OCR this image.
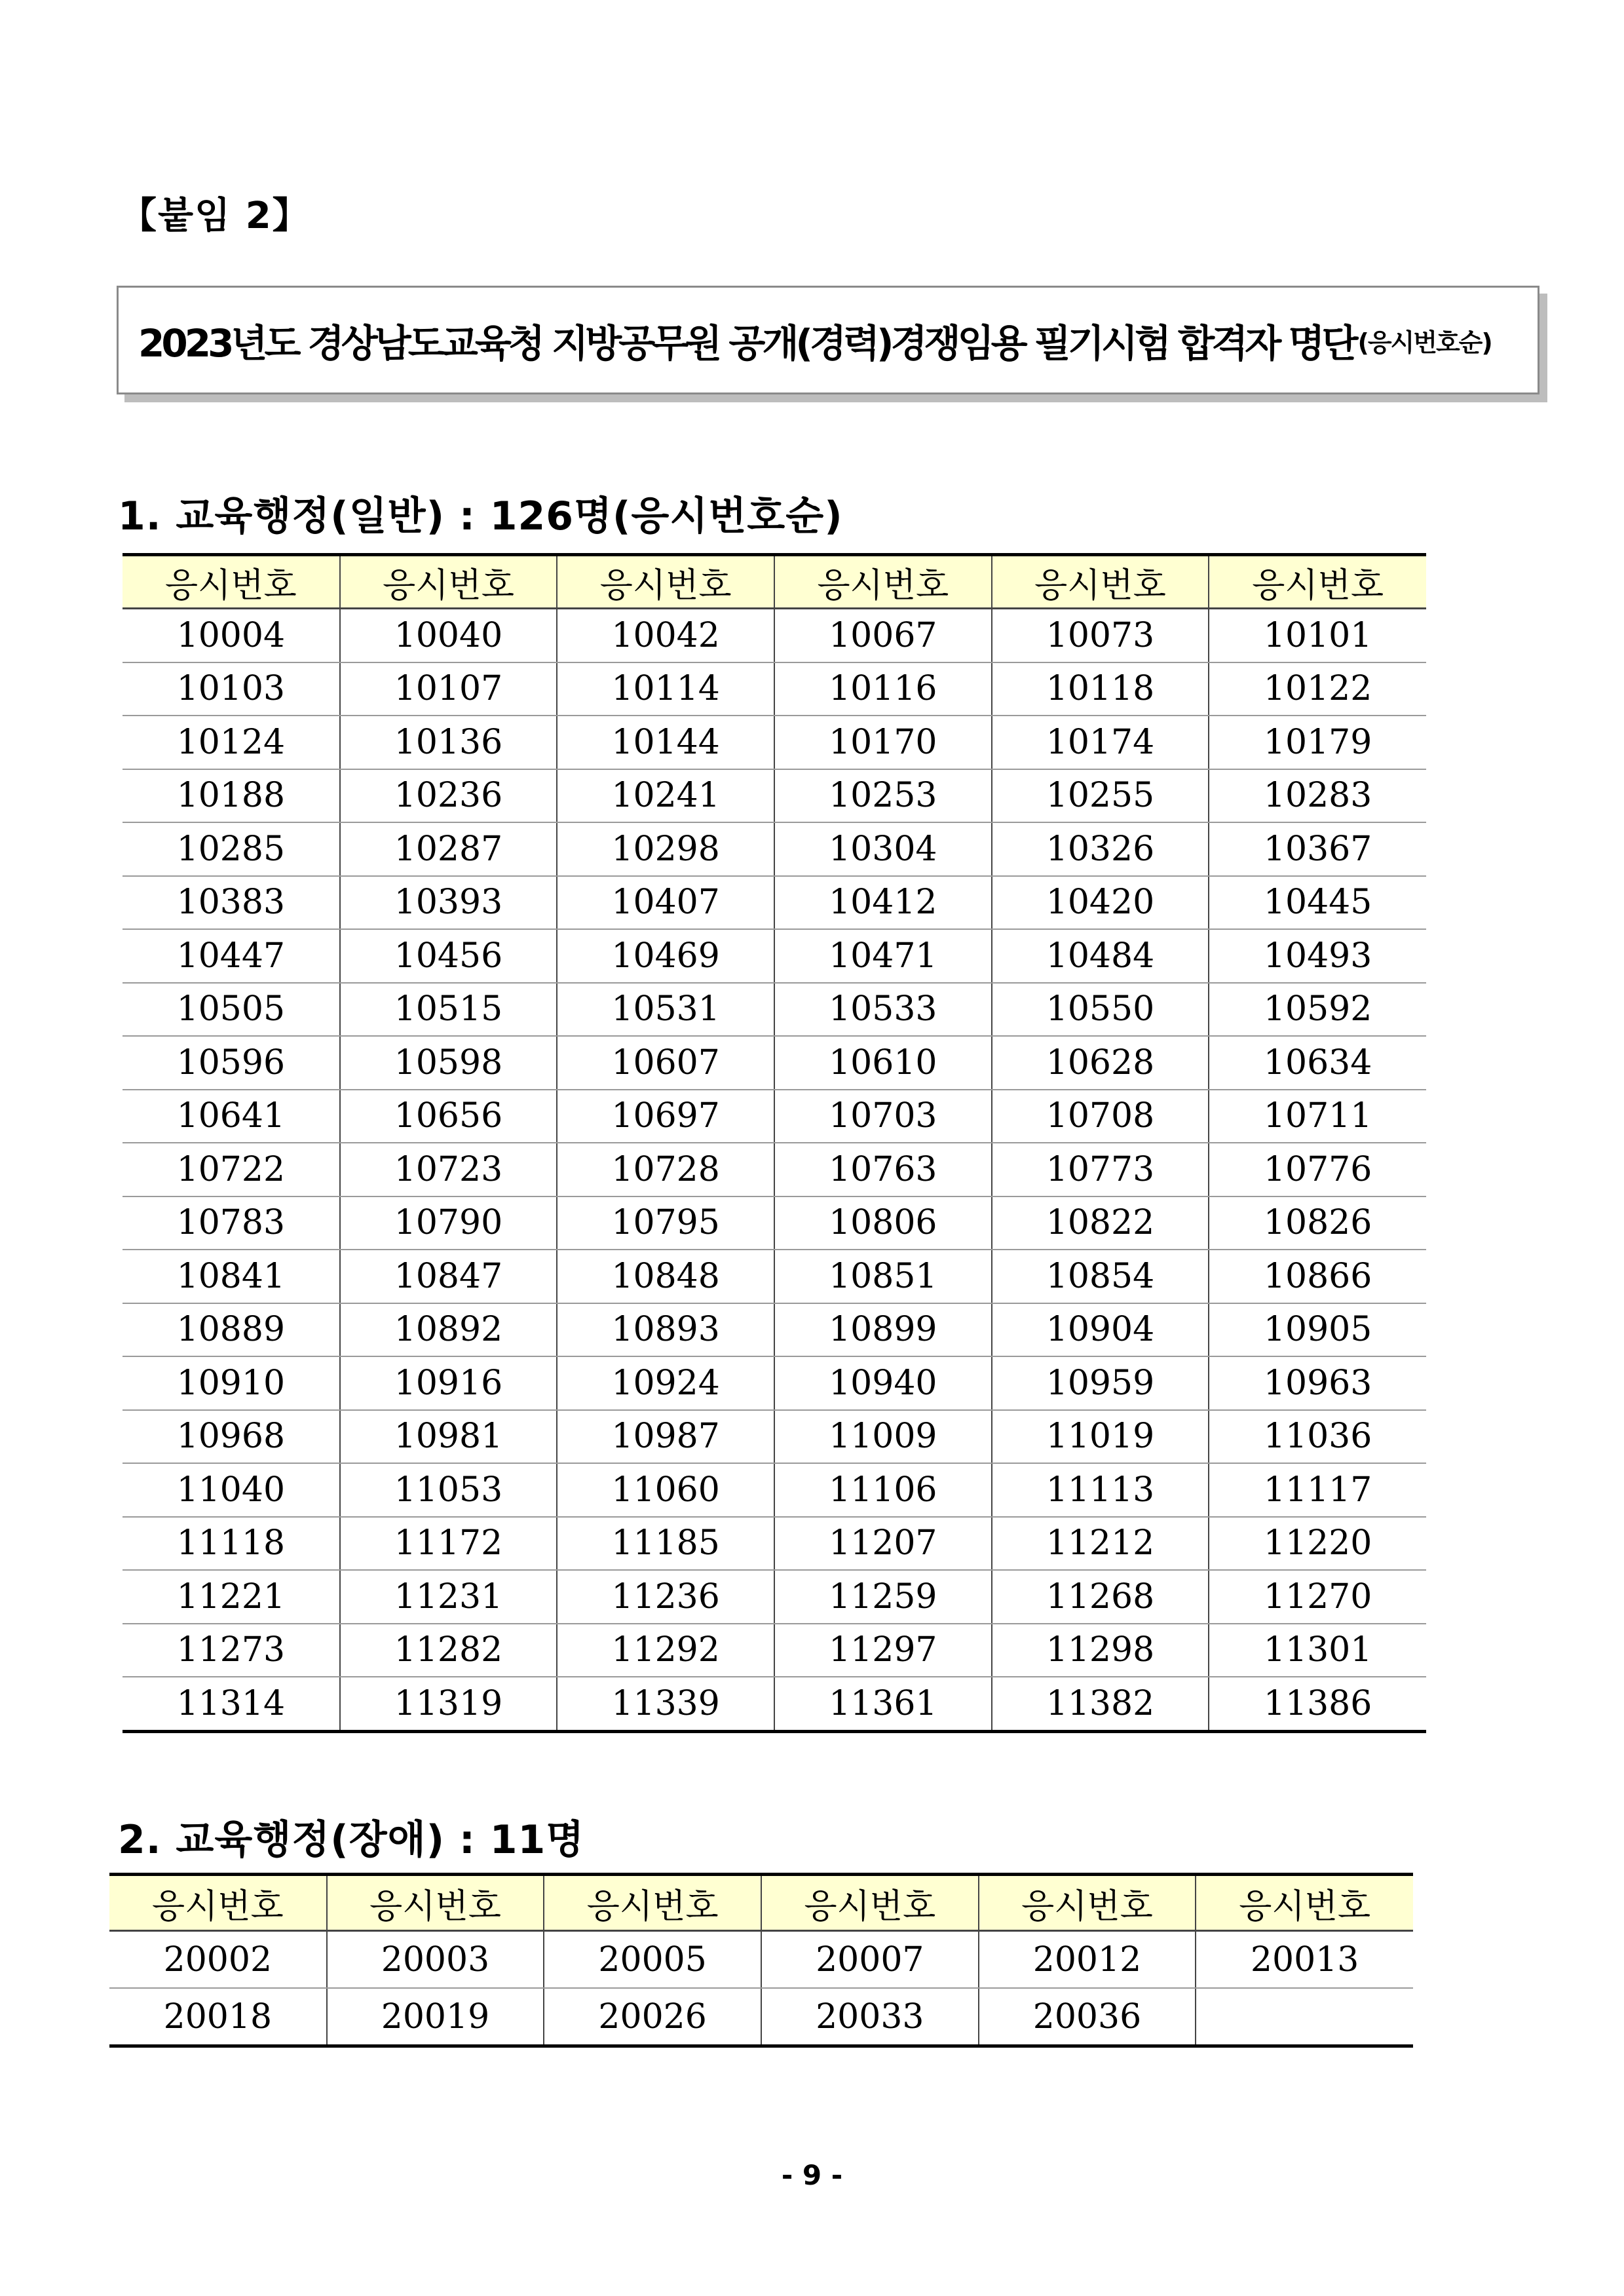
【붙임 2】
2023년도 경상남도교육청 지방공무원 공개(경력)경쟁임용 필기시험 합격자 명단 (응시번호순)
1. 교육행정(일반) : 126명(응시번호순)
응시번호	응시번호	응시번호	응시번호	응시번호	응시번호
10004	10040	10042	10067	10073	10101
10103	10107	10114	10116	10118	10122
10124	10136	10144	10170	10174	10179
10188	10236	10241	10253	10255	10283
10285	10287	10298	10304	10326	10367
10383	10393	10407	10412	10420	10445
10447	10456	10469	10471	10484	10493
10505	10515	10531	10533	10550	10592
10596	10598	10607	10610	10628	10634
10641	10656	10697	10703	10708	10711
10722	10723	10728	10763	10773	10776
10783	10790	10795	10806	10822	10826
10841	10847	10848	10851	10854	10866
10889	10892	10893	10899	10904	10905
10910	10916	10924	10940	10959	10963
10968	10981	10987	11009	11019	11036
11040	11053	11060	11106	11113	11117
11118	11172	11185	11207	11212	11220
11221	11231	11236	11259	11268	11270
11273	11282	11292	11297	11298	11301
11314	11319	11339	11361	11382	11386
2. 교육행정(장애) : 11명
응시번호	응시번호	응시번호	응시번호	응시번호	응시번호
20002	20003	20005	20007	20012	20013
20018	20019	20026	20033	20036	
- 9 -
